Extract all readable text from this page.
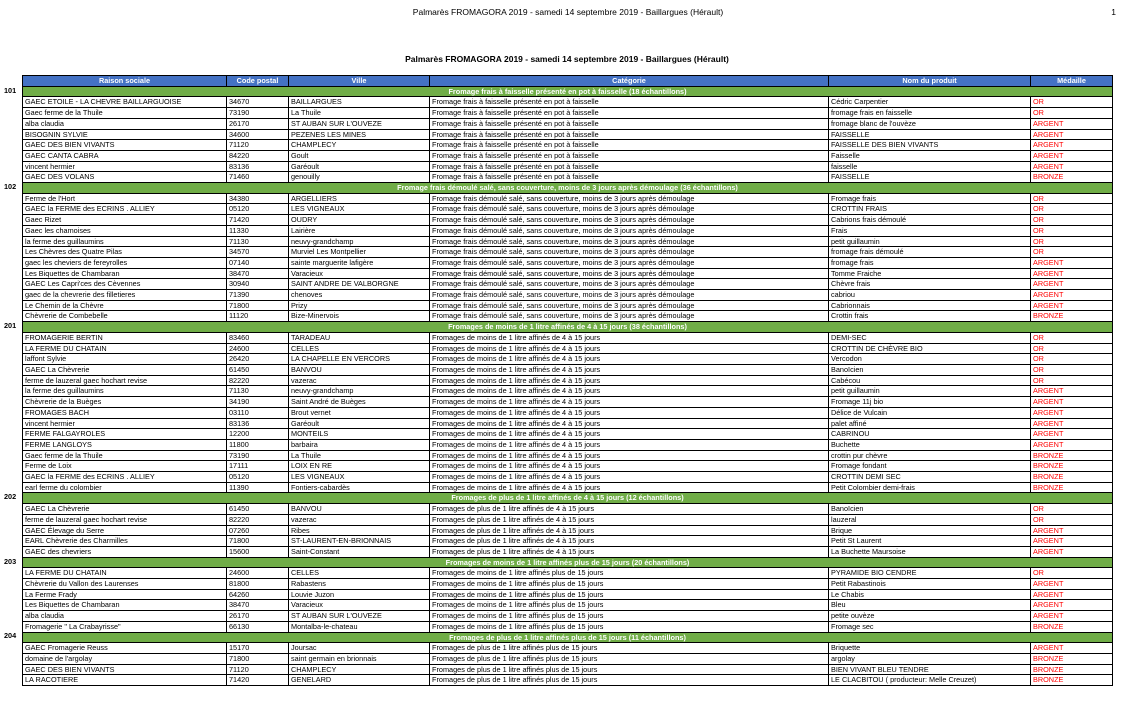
Palmarès FROMAGORA 2019 - samedi 14 septembre 2019 - Baillargues (Hérault)	1
Palmarès FROMAGORA 2019 - samedi 14 septembre 2019 - Baillargues (Hérault)
101
102
201
202
203
204
Raison sociale	Code postal	Ville	Catégorie	Nom du produit	Médaille
Fromage frais à faisselle présenté en pot à faisselle (18 échantillons)					
GAEC ETOILE - LA CHEVRE BAILLARGUOISE	34670	BAILLARGUES	Fromage frais à faisselle présenté en pot à faisselle	Cédric Carpentier	OR
Gaec ferme de la Thuile	73190	La Thuile	Fromage frais à faisselle présenté en pot à faisselle	fromage frais en faisselle	OR
alba claudia	26170	ST AUBAN SUR L'OUVEZE	Fromage frais à faisselle présenté en pot à faisselle	fromage blanc de l'ouvèze	ARGENT
BISOGNIN SYLVIE	34600	PEZENES LES MINES	Fromage frais à faisselle présenté en pot à faisselle	FAISSELLE	ARGENT
GAEC DES BIEN VIVANTS	71120	CHAMPLECY	Fromage frais à faisselle présenté en pot à faisselle	FAISSELLE DES BIEN VIVANTS	ARGENT
GAEC CANTA CABRA	84220	Goult	Fromage frais à faisselle présenté en pot à faisselle	Faisselle	ARGENT
vincent hermier	83136	Garéoult	Fromage frais à faisselle présenté en pot à faisselle	faisselle	ARGENT
GAEC DES VOLANS	71460	genouilly	Fromage frais à faisselle présenté en pot à faisselle	FAISSELLE	BRONZE
Fromage frais démoulé salé, sans couverture, moins de 3 jours après démoulage (36 échantillons)					
Ferme de l'Hort	34380	ARGELLIERS	Fromage frais démoulé salé, sans couverture, moins de 3 jours après démoulage	Fromage frais	OR
GAEC la FERME des ECRINS . ALLIEY	05120	LES VIGNEAUX	Fromage frais démoulé salé, sans couverture, moins de 3 jours après démoulage	CROTTIN FRAIS	OR
Gaec Rizet	71420	OUDRY	Fromage frais démoulé salé, sans couverture, moins de 3 jours après démoulage	Cabrions frais démoulé	OR
Gaec les chamoises	11330	Lairière	Fromage frais démoulé salé, sans couverture, moins de 3 jours après démoulage	Frais	OR
la ferme des guillaumins	71130	neuvy-grandchamp	Fromage frais démoulé salé, sans couverture, moins de 3 jours après démoulage	petit guillaumin	OR
Les Chèvres des Quatre Pilas	34570	Murviel Les Montpellier	Fromage frais démoulé salé, sans couverture, moins de 3 jours après démoulage	fromage frais démoulé	OR
gaec les cheviers de fereyrolles	07140	sainte marguerite lafigère	Fromage frais démoulé salé, sans couverture, moins de 3 jours après démoulage	fromage frais	ARGENT
Les Biquettes de Chambaran	38470	Varacieux	Fromage frais démoulé salé, sans couverture, moins de 3 jours après démoulage	Tomme Fraiche	ARGENT
GAEC Les Capri'ces des Cèvennes	30940	SAINT ANDRE DE VALBORGNE	Fromage frais démoulé salé, sans couverture, moins de 3 jours après démoulage	Chèvre frais	ARGENT
gaec de la chevrerie des filletieres	71390	chenoves	Fromage frais démoulé salé, sans couverture, moins de 3 jours après démoulage	cabriou	ARGENT
Le Chemin de la Chèvre	71800	Prizy	Fromage frais démoulé salé, sans couverture, moins de 3 jours après démoulage	Cabrionnais	ARGENT
Chèvrerie de Combebelle	11120	Bize-Minervois	Fromage frais démoulé salé, sans couverture, moins de 3 jours après démoulage	Crottin frais	BRONZE
Fromages de moins de 1 litre affinés de 4 à 15 jours (38 échantillons)					
FROMAGERIE BERTIN	83460	TARADEAU	Fromages de moins de 1 litre affinés de 4 à 15 jours	DEMI-SEC	OR
LA FERME DU CHATAIN	24600	CELLES	Fromages de moins de 1 litre affinés de 4 à 15 jours	CROTTIN DE CHÈVRE BIO	OR
laffont Sylvie	26420	LA CHAPELLE EN VERCORS	Fromages de moins de 1 litre affinés de 4 à 15 jours	Vercodon	OR
GAEC La Chèvrerie	61450	BANVOU	Fromages de moins de 1 litre affinés de 4 à 15 jours	Banoïcien	OR
ferme de lauzeral gaec hochart revise	82220	vazerac	Fromages de moins de 1 litre affinés de 4 à 15 jours	Cabécou	OR
la ferme des guillaumins	71130	neuvy-grandchamp	Fromages de moins de 1 litre affinés de 4 à 15 jours	petit guillaumin	ARGENT
Chèvrerie de la Buèges	34190	Saint André de Buèges	Fromages de moins de 1 litre affinés de 4 à 15 jours	Fromage 11j bio	ARGENT
FROMAGES BACH	03110	Brout vernet	Fromages de moins de 1 litre affinés de 4 à 15 jours	Délice de Vulcain	ARGENT
vincent hermier	83136	Garéoult	Fromages de moins de 1 litre affinés de 4 à 15 jours	palet affiné	ARGENT
FERME FALGAYROLES	12200	MONTEILS	Fromages de moins de 1 litre affinés de 4 à 15 jours	CABRINOU	ARGENT
FERME LANGLOYS	11800	barbaira	Fromages de moins de 1 litre affinés de 4 à 15 jours	Buchette	ARGENT
Gaec ferme de la Thuile	73190	La Thuile	Fromages de moins de 1 litre affinés de 4 à 15 jours	crottin pur chèvre	BRONZE
Ferme de Loix	17111	LOIX EN RE	Fromages de moins de 1 litre affinés de 4 à 15 jours	Fromage fondant	BRONZE
GAEC la FERME des ECRINS . ALLIEY	05120	LES VIGNEAUX	Fromages de moins de 1 litre affinés de 4 à 15 jours	CROTTIN DEMI SEC	BRONZE
earl ferme du colombier	11390	Fontiers-cabardès	Fromages de moins de 1 litre affinés de 4 à 15 jours	Petit Colombier demi-frais	BRONZE
Fromages de plus de 1 litre affinés de 4 à 15 jours (12 échantillons)					
GAEC La Chèvrerie	61450	BANVOU	Fromages de plus de 1 litre affinés de 4 à 15 jours	Banoïcien	OR
ferme de lauzeral gaec hochart revise	82220	vazerac	Fromages de plus de 1 litre affinés de 4 à 15 jours	lauzeral	OR
GAEC Élevage du Serre	07260	Ribes	Fromages de plus de 1 litre affinés de 4 à 15 jours	Brique	ARGENT
EARL Chèvrerie des Charmilles	71800	ST-LAURENT-EN-BRIONNAIS	Fromages de plus de 1 litre affinés de 4 à 15 jours	Petit St Laurent	ARGENT
GAEC des chevriers	15600	Saint-Constant	Fromages de plus de 1 litre affinés de 4 à 15 jours	La Buchette Maursoise	ARGENT
Fromages de moins de 1 litre affinés plus de 15 jours (20 échantillons)					
LA FERME DU CHATAIN	24600	CELLES	Fromages de moins de 1 litre affinés plus de 15 jours	PYRAMIDE BIO CENDRE	OR
Chèvrerie du Vallon des Laurenses	81800	Rabastens	Fromages de moins de 1 litre affinés plus de 15 jours	Petit Rabastinois	ARGENT
La Ferme Frady	64260	Louvie Juzon	Fromages de moins de 1 litre affinés plus de 15 jours	Le Chabis	ARGENT
Les Biquettes de Chambaran	38470	Varacieux	Fromages de moins de 1 litre affinés plus de 15 jours	Bleu	ARGENT
alba claudia	26170	ST AUBAN SUR L'OUVEZE	Fromages de moins de 1 litre affinés plus de 15 jours	petite ouvèze	ARGENT
Fromagerie " La Crabayrisse"	66130	Montalba-le-chateau	Fromages de moins de 1 litre affinés plus de 15 jours	Fromage sec	BRONZE
Fromages de plus de 1 litre affinés plus de 15 jours (11 échantillons)					
GAEC Fromagerie Reuss	15170	Joursac	Fromages de plus de 1 litre affinés plus de 15 jours	Briquette	ARGENT
domaine de l'argolay	71800	saint germain en brionnais	Fromages de plus de 1 litre affinés plus de 15 jours	argolay	BRONZE
GAEC DES BIEN VIVANTS	71120	CHAMPLECY	Fromages de plus de 1 litre affinés plus de 15 jours	BIEN VIVANT BLEU TENDRE	BRONZE
LA RACOTIERE	71420	GENELARD	Fromages de plus de 1 litre affinés plus de 15 jours	LE CLACBITOU ( producteur: Melle Creuzet)	BRONZE
